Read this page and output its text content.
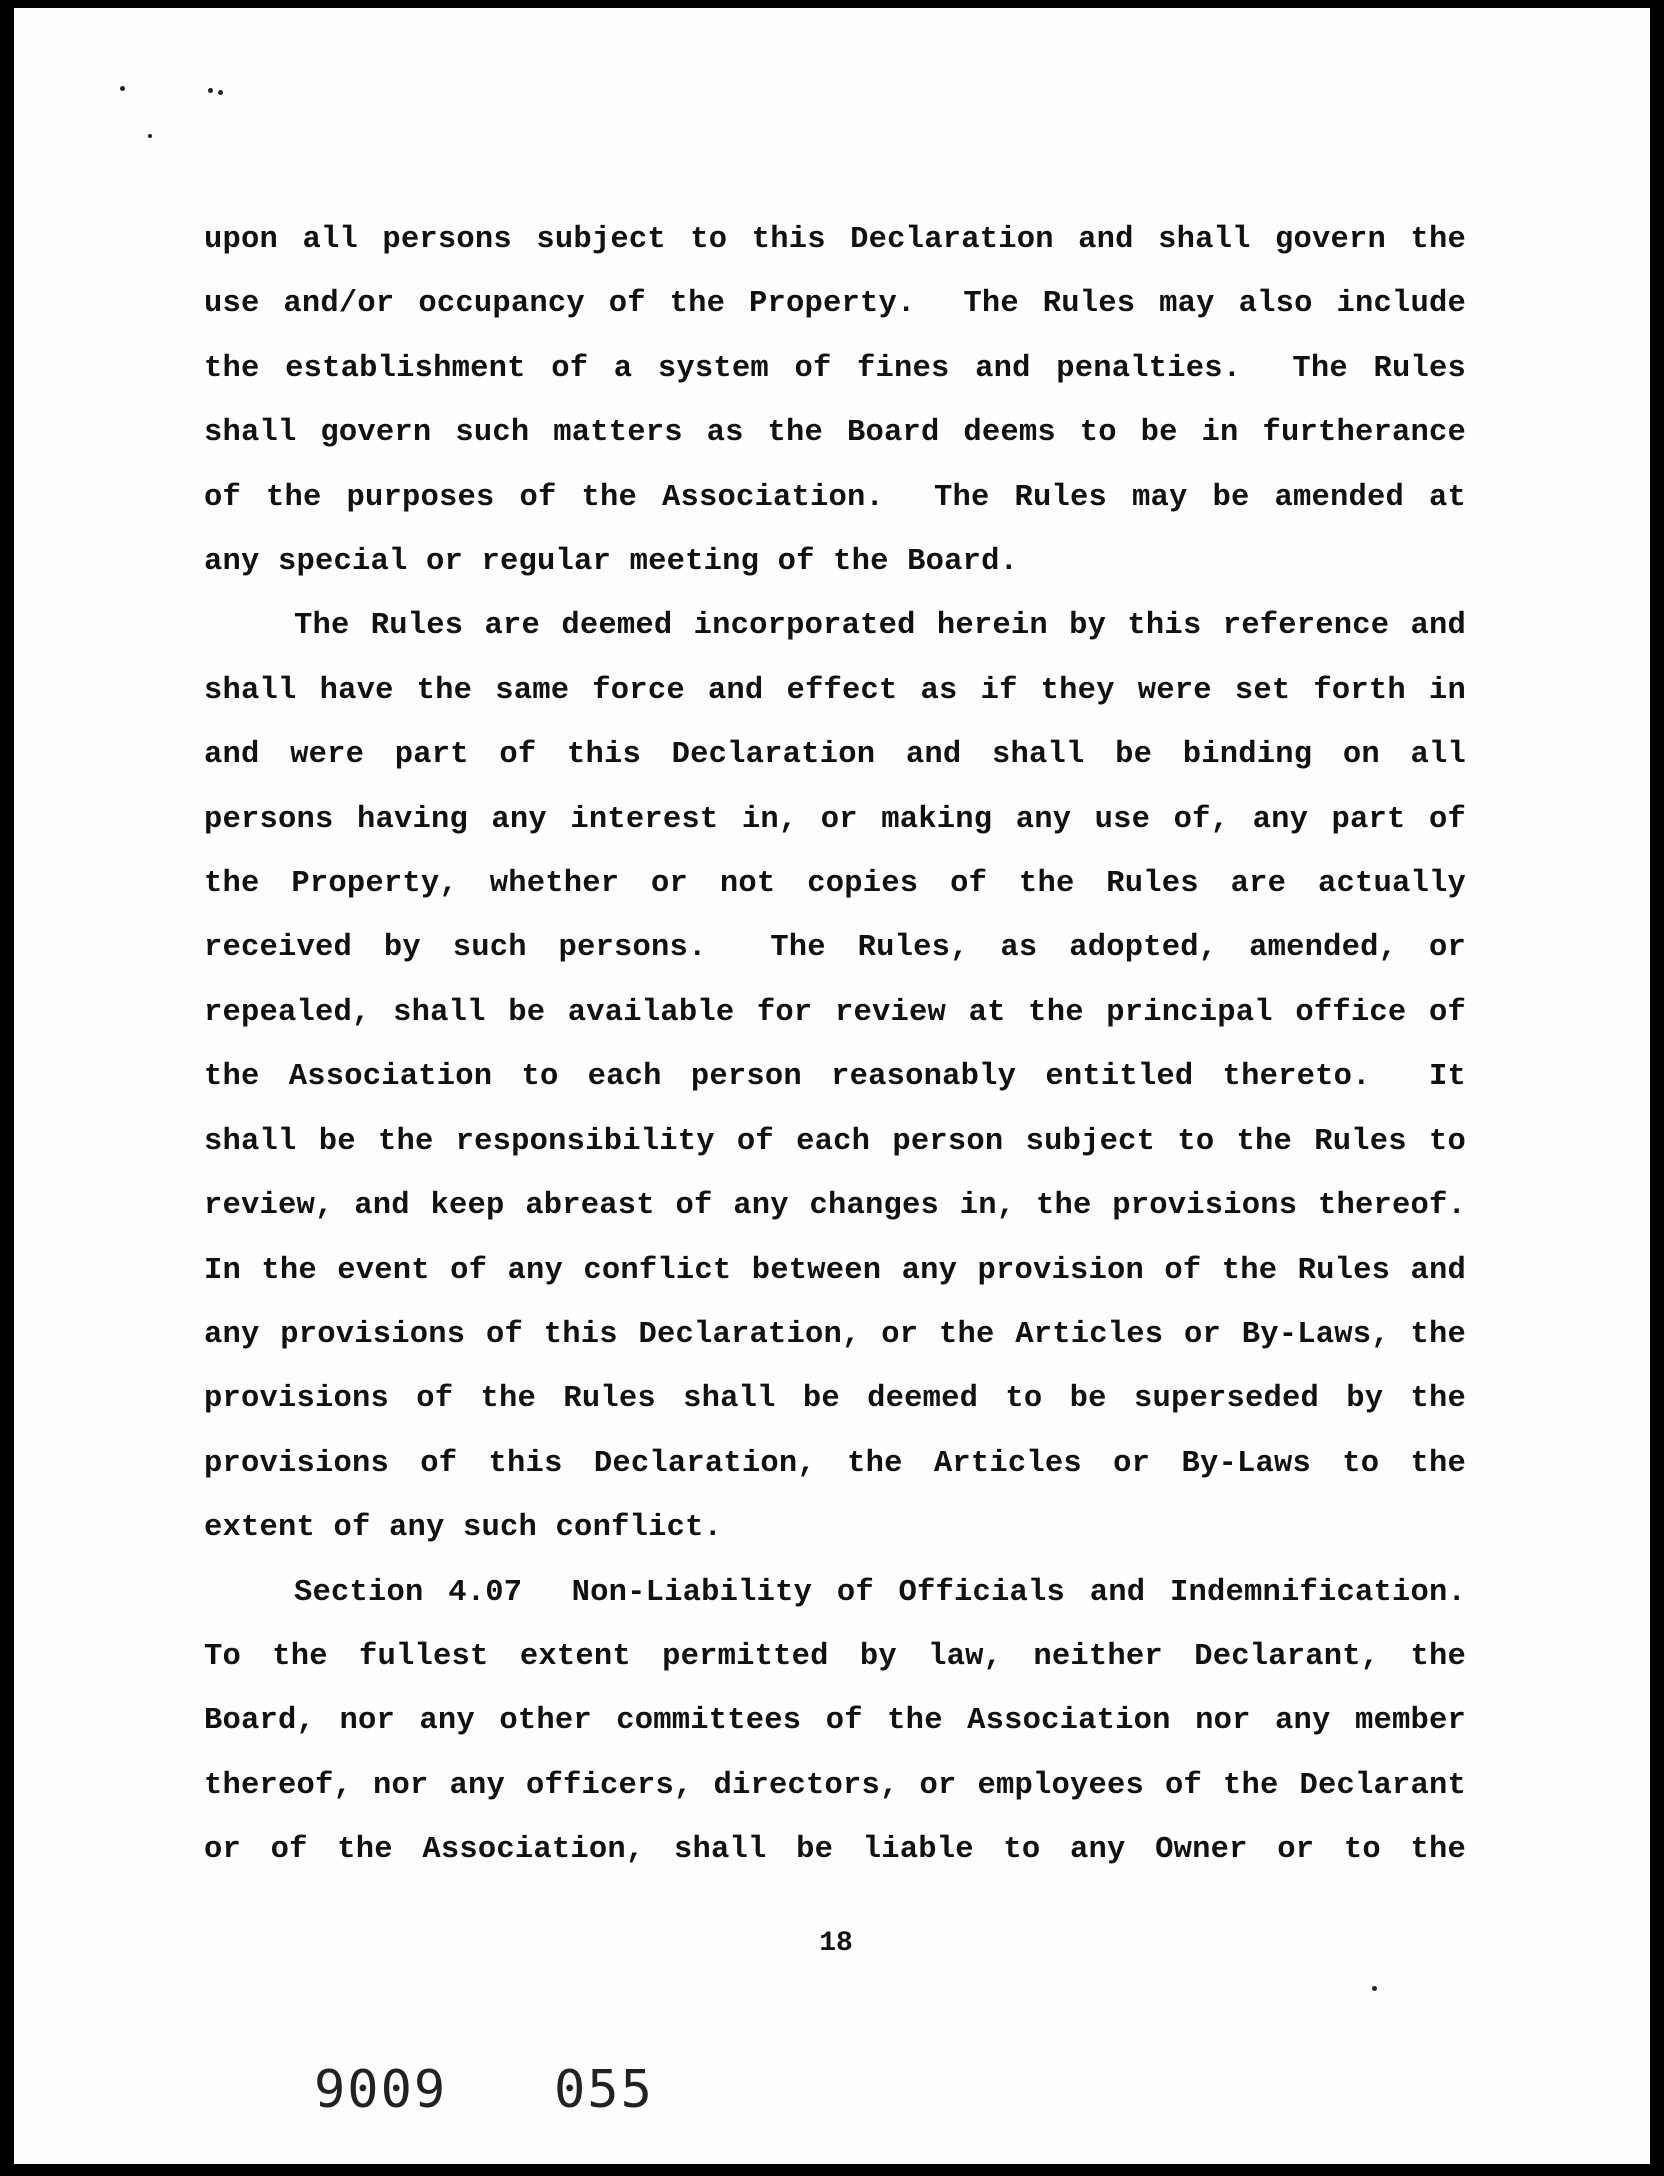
upon all persons subject to this Declaration and shall govern the
use and/or occupancy of the Property.  The Rules may also include
the establishment of a system of fines and penalties.  The Rules
shall govern such matters as the Board deems to be in furtherance
of the purposes of the Association.  The Rules may be amended at
any special or regular meeting of the Board.
The Rules are deemed incorporated herein by this reference and
shall have the same force and effect as if they were set forth in
and were part of this Declaration and shall be binding on all
persons having any interest in, or making any use of, any part of
the Property, whether or not copies of the Rules are actually
received by such persons.  The Rules, as adopted, amended, or
repealed, shall be available for review at the principal office of
the Association to each person reasonably entitled thereto.  It
shall be the responsibility of each person subject to the Rules to
review, and keep abreast of any changes in, the provisions thereof.
In the event of any conflict between any provision of the Rules and
any provisions of this Declaration, or the Articles or By-Laws, the
provisions of the Rules shall be deemed to be superseded by the
provisions of this Declaration, the Articles or By-Laws to the
extent of any such conflict.
Section 4.07  Non-Liability of Officials and Indemnification.
To the fullest extent permitted by law, neither Declarant, the
Board, nor any other committees of the Association nor any member
thereof, nor any officers, directors, or employees of the Declarant
or of the Association, shall be liable to any Owner or to the
18
9009 055
